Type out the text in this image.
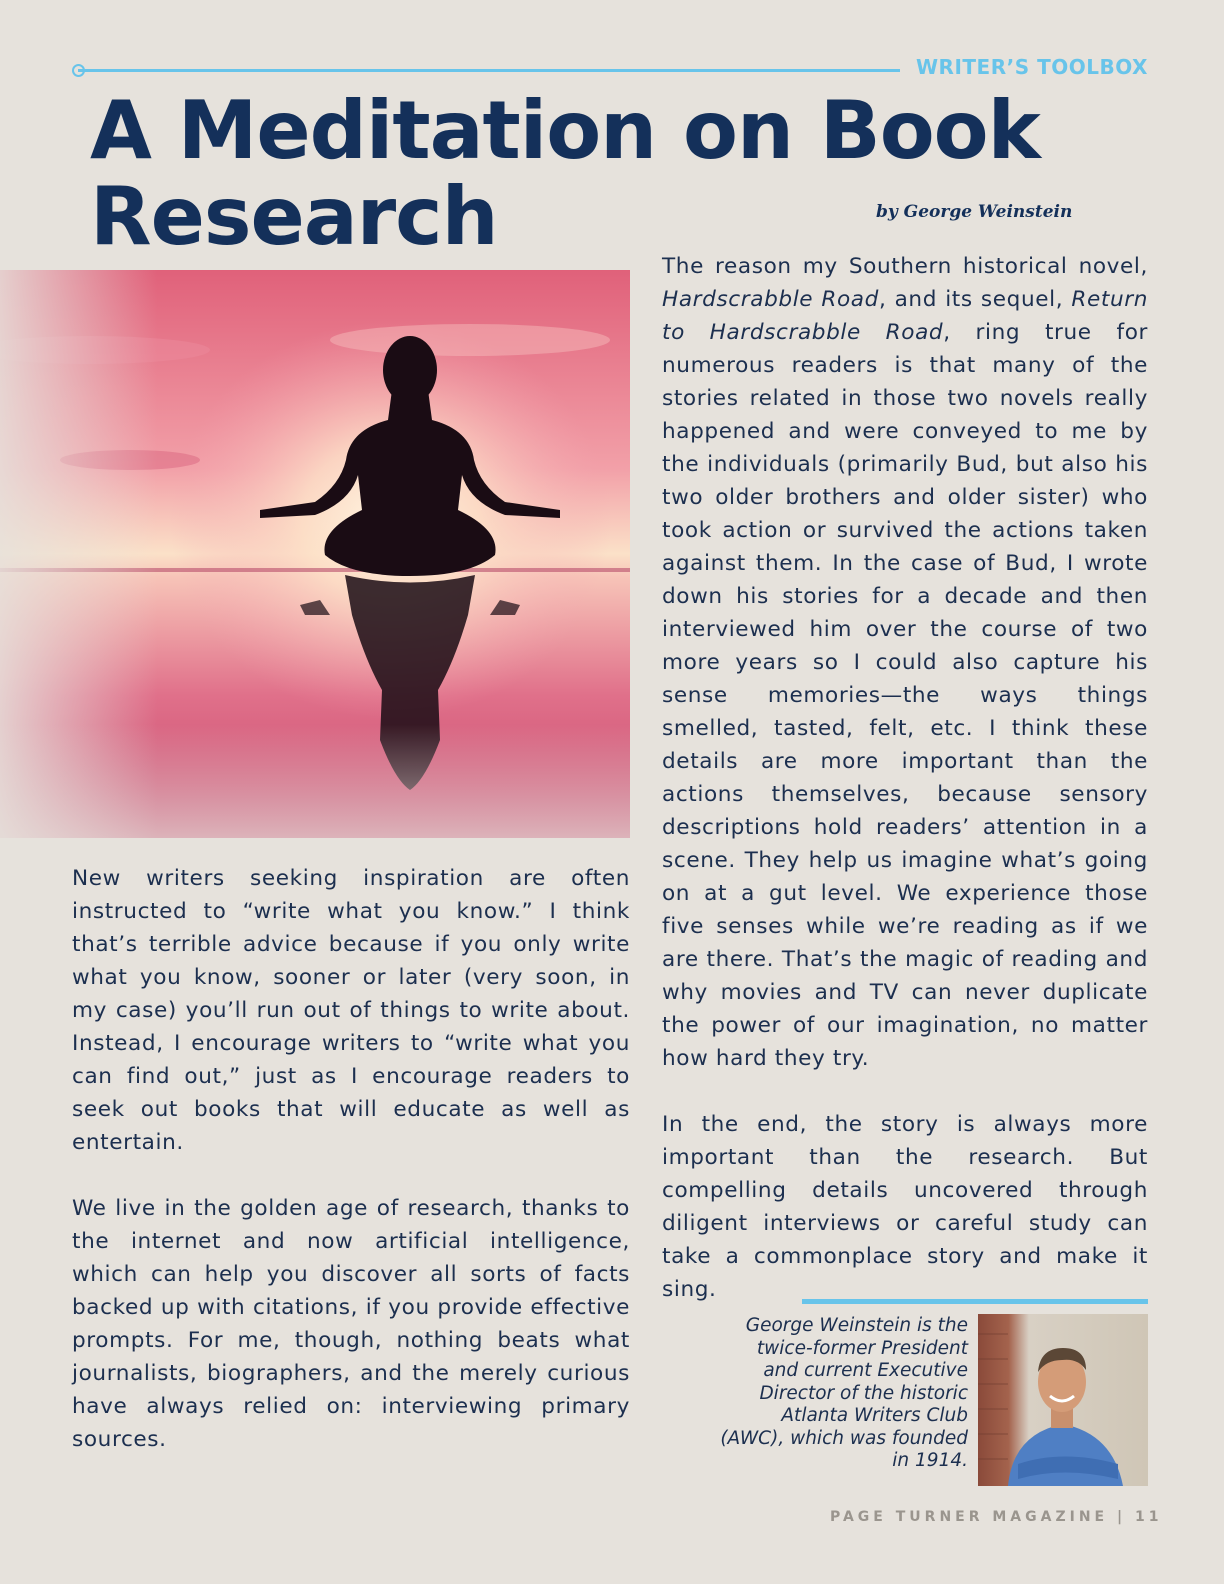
WRITER’S TOOLBOX
A Meditation on Book
Research	by George Weinstein

New writers seeking inspiration are often instructed to “write what you know.” I think that’s terrible advice because if you only write what you know, sooner or later (very soon, in my case) you’ll run out of things to write about. Instead, I encourage writers to “write what you can find out,” just as I encourage readers to seek out books that will educate as well as entertain.

We live in the golden age of research, thanks to the internet and now artificial intelligence, which can help you discover all sorts of facts backed up with citations, if you provide effective prompts. For me, though, nothing beats what journalists, biographers, and the merely curious have always relied on: interviewing primary sources.

The reason my Southern historical novel, Hardscrabble Road, and its sequel, Return to Hardscrabble Road, ring true for numerous readers is that many of the stories related in those two novels really happened and were conveyed to me by the individuals (primarily Bud, but also his two older brothers and older sister) who took action or survived the actions taken against them. In the case of Bud, I wrote down his stories for a decade and then interviewed him over the course of two more years so I could also capture his sense memories—the ways things smelled, tasted, felt, etc. I think these details are more important than the actions themselves, because sensory descriptions hold readers’ attention in a scene. They help us imagine what’s going on at a gut level. We experience those five senses while we’re reading as if we are there. That’s the magic of reading and why movies and TV can never duplicate the power of our imagination, no matter how hard they try.

In the end, the story is always more important than the research. But compelling details uncovered through diligent interviews or careful study can take a commonplace story and make it sing.

George Weinstein is the twice-former President and current Executive Director of the historic Atlanta Writers Club (AWC), which was founded in 1914.
PAGE TURNER MAGAZINE | 11
